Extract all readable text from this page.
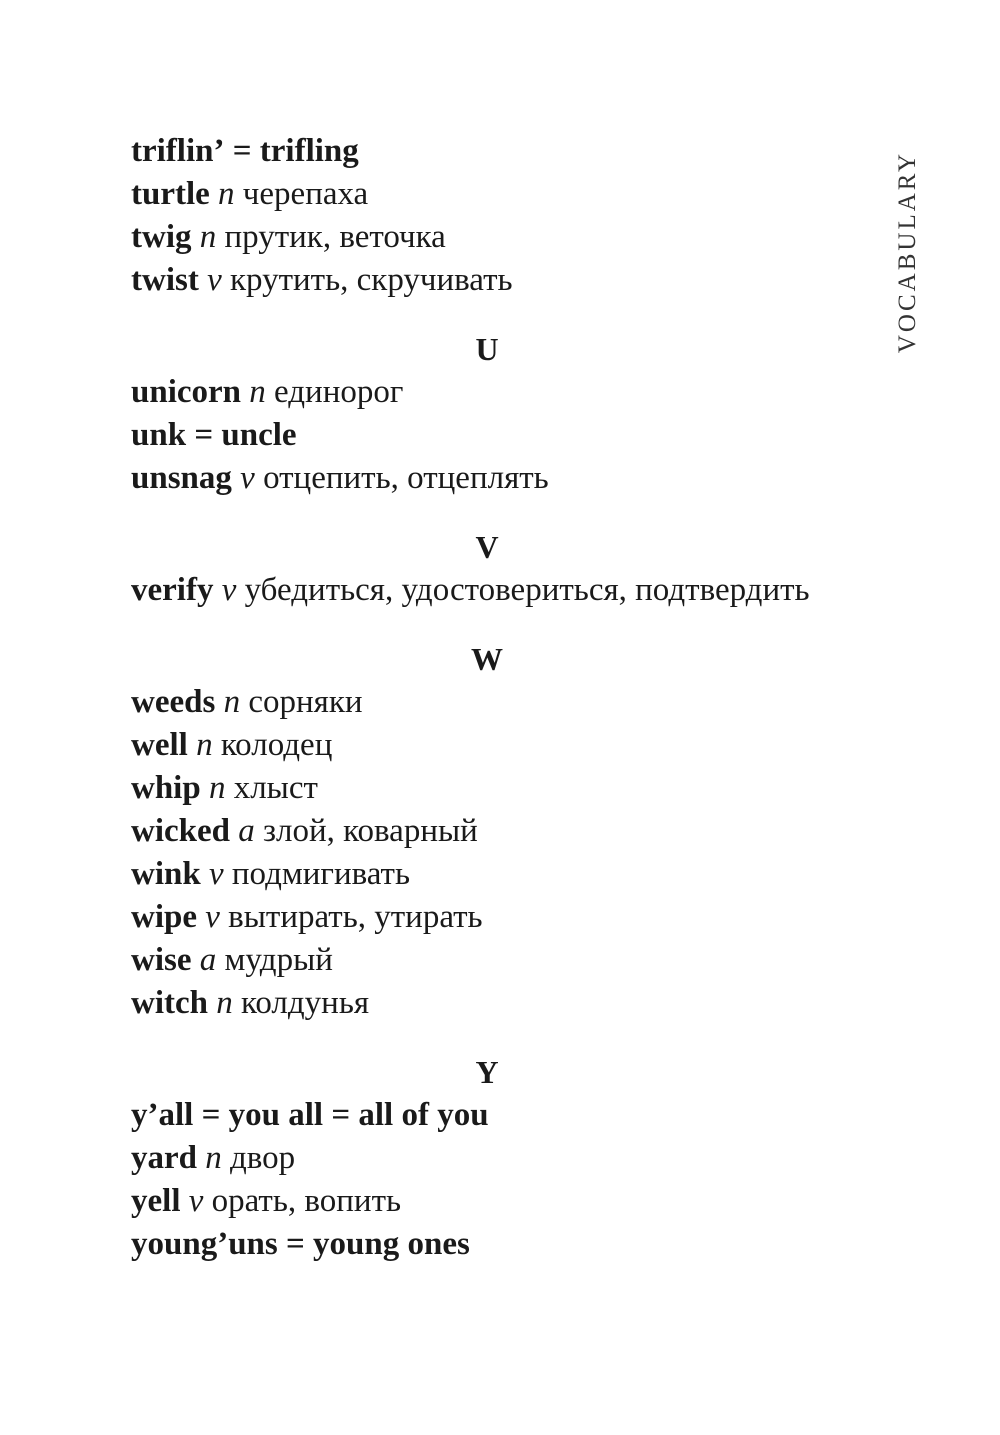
VOCABULARY
triflin’ = trifling
turtle n черепаха
twig n прутик, веточка
twist v крутить, скручивать
U
unicorn n единорог
unk = uncle
unsnag v отцепить, отцеплять
V
verify v убедиться, удостовериться, подтвердить
W
weeds n сорняки
well n колодец
whip n хлыст
wicked a злой, коварный
wink v подмигивать
wipe v вытирать, утирать
wise a мудрый
witch n колдунья
Y
y’all = you all = all of you
yard n двор
yell v орать, вопить
young’uns = young ones
